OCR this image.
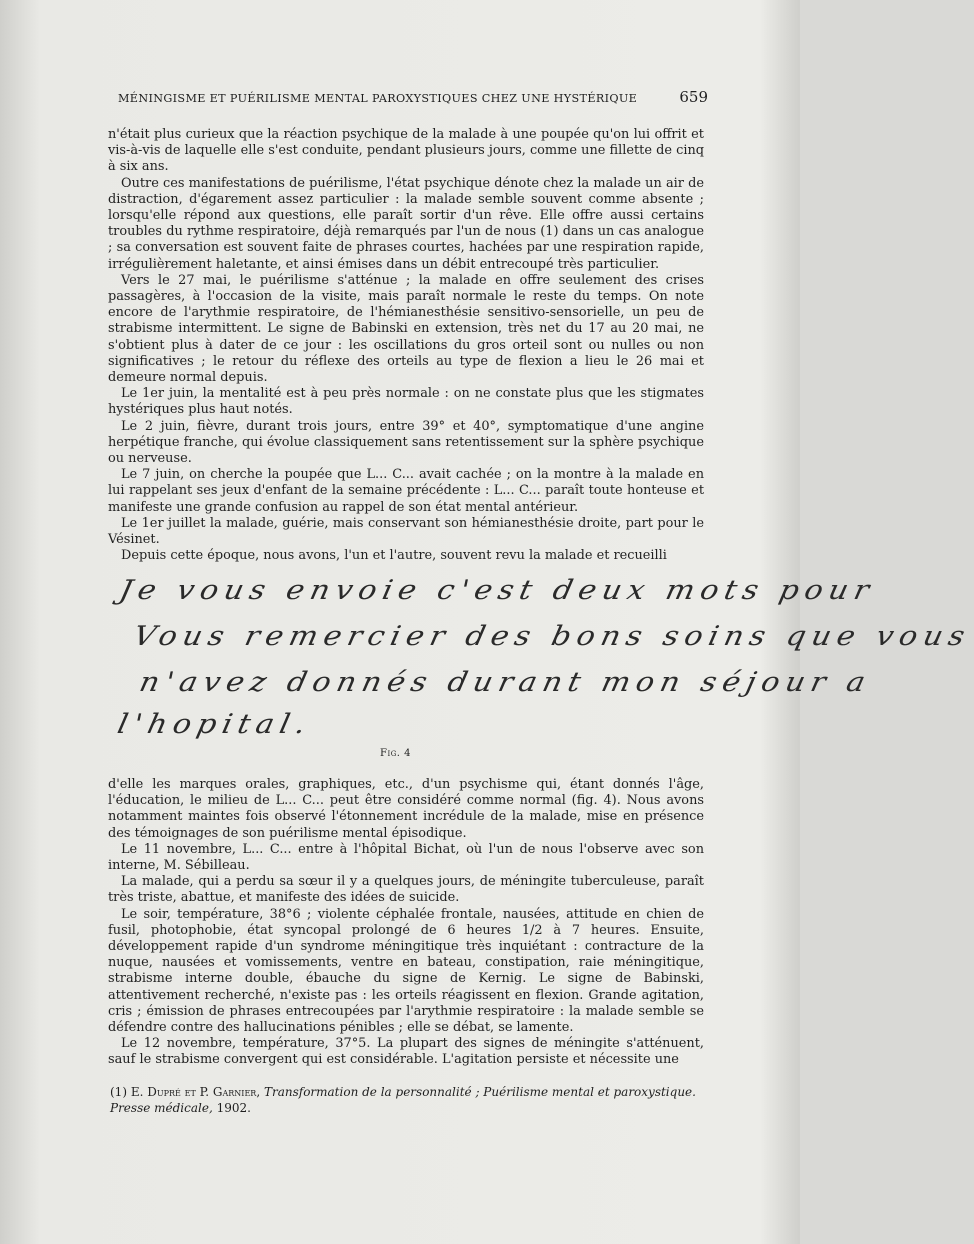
MÉNINGISME ET PUÉRILISME MENTAL PAROXYSTIQUES CHEZ UNE HYSTÉRIQUE	659

n'était plus curieux que la réaction psychique de la malade à une poupée qu'on lui offrit et vis-à-vis de laquelle elle s'est conduite, pendant plusieurs jours, comme une fillette de cinq à six ans.

Outre ces manifestations de puérilisme, l'état psychique dénote chez la malade un air de distraction, d'égarement assez particulier : la malade semble souvent comme absente ; lorsqu'elle répond aux questions, elle paraît sortir d'un rêve. Elle offre aussi certains troubles du rythme respiratoire, déjà remarqués par l'un de nous (1) dans un cas analogue ; sa conversation est souvent faite de phrases courtes, hachées par une respiration rapide, irrégulièrement haletante, et ainsi émises dans un débit entrecoupé très particulier.

Vers le 27 mai, le puérilisme s'atténue ; la malade en offre seulement des crises passagères, à l'occasion de la visite, mais paraît normale le reste du temps. On note encore de l'arythmie respiratoire, de l'hémianesthésie sensitivo-sensorielle, un peu de strabisme intermittent. Le signe de Babinski en extension, très net du 17 au 20 mai, ne s'obtient plus à dater de ce jour : les oscillations du gros orteil sont ou nulles ou non significatives ; le retour du réflexe des orteils au type de flexion a lieu le 26 mai et demeure normal depuis.

Le 1er juin, la mentalité est à peu près normale : on ne constate plus que les stigmates hystériques plus haut notés.

Le 2 juin, fièvre, durant trois jours, entre 39° et 40°, symptomatique d'une angine herpétique franche, qui évolue classiquement sans retentissement sur la sphère psychique ou nerveuse.

Le 7 juin, on cherche la poupée que L... C... avait cachée ; on la montre à la malade en lui rappelant ses jeux d'enfant de la semaine précédente : L... C... paraît toute honteuse et manifeste une grande confusion au rappel de son état mental antérieur.

Le 1er juillet la malade, guérie, mais conservant son hémianesthésie droite, part pour le Vésinet.

Depuis cette époque, nous avons, l'un et l'autre, souvent revu la malade et recueilli

Je vous envoie c'est deux mots pour
Vous remercier des bons soins que vous
n'avez donnés durant mon séjour a
l'hopital.
Fig. 4

d'elle les marques orales, graphiques, etc., d'un psychisme qui, étant donnés l'âge, l'éducation, le milieu de L... C... peut être considéré comme normal (fig. 4). Nous avons notamment maintes fois observé l'étonnement incrédule de la malade, mise en présence des témoignages de son puérilisme mental épisodique.

Le 11 novembre, L... C... entre à l'hôpital Bichat, où l'un de nous l'observe avec son interne, M. Sébilleau.

La malade, qui a perdu sa sœur il y a quelques jours, de méningite tuberculeuse, paraît très triste, abattue, et manifeste des idées de suicide.

Le soir, température, 38°6 ; violente céphalée frontale, nausées, attitude en chien de fusil, photophobie, état syncopal prolongé de 6 heures 1/2 à 7 heures. Ensuite, développement rapide d'un syndrome méningitique très inquiétant : contracture de la nuque, nausées et vomissements, ventre en bateau, constipation, raie méningitique, strabisme interne double, ébauche du signe de Kernig. Le signe de Babinski, attentivement recherché, n'existe pas : les orteils réagissent en flexion. Grande agitation, cris ; émission de phrases entrecoupées par l'arythmie respiratoire : la malade semble se défendre contre des hallucinations pénibles ; elle se débat, se lamente.

Le 12 novembre, température, 37°5. La plupart des signes de méningite s'atténuent, sauf le strabisme convergent qui est considérable. L'agitation persiste et nécessite une

(1) E. Dupré et P. Garnier, Transformation de la personnalité ; Puérilisme mental et paroxystique. Presse médicale, 1902.
